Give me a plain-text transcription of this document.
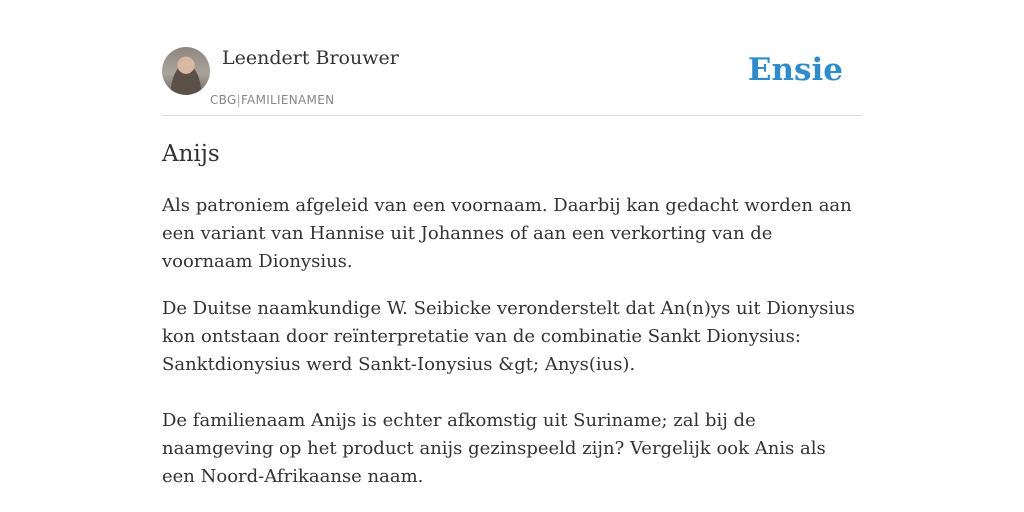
Leendert Brouwer
CBG|FAMILIENAMEN
Ensie
Anijs

Als patroniem afgeleid van een voornaam. Daarbij kan gedacht worden aan een variant van Hannise uit Johannes of aan een verkorting van de voornaam Dionysius.

De Duitse naamkundige W. Seibicke veronderstelt dat An(n)ys uit Dionysius kon ontstaan door reïnterpretatie van de combinatie Sankt Dionysius: Sanktdionysius werd Sankt-Ionysius &gt; Anys(ius).

De familienaam Anijs is echter afkomstig uit Suriname; zal bij de naamgeving op het product anijs gezinspeeld zijn? Vergelijk ook Anis als een Noord-Afrikaanse naam.
